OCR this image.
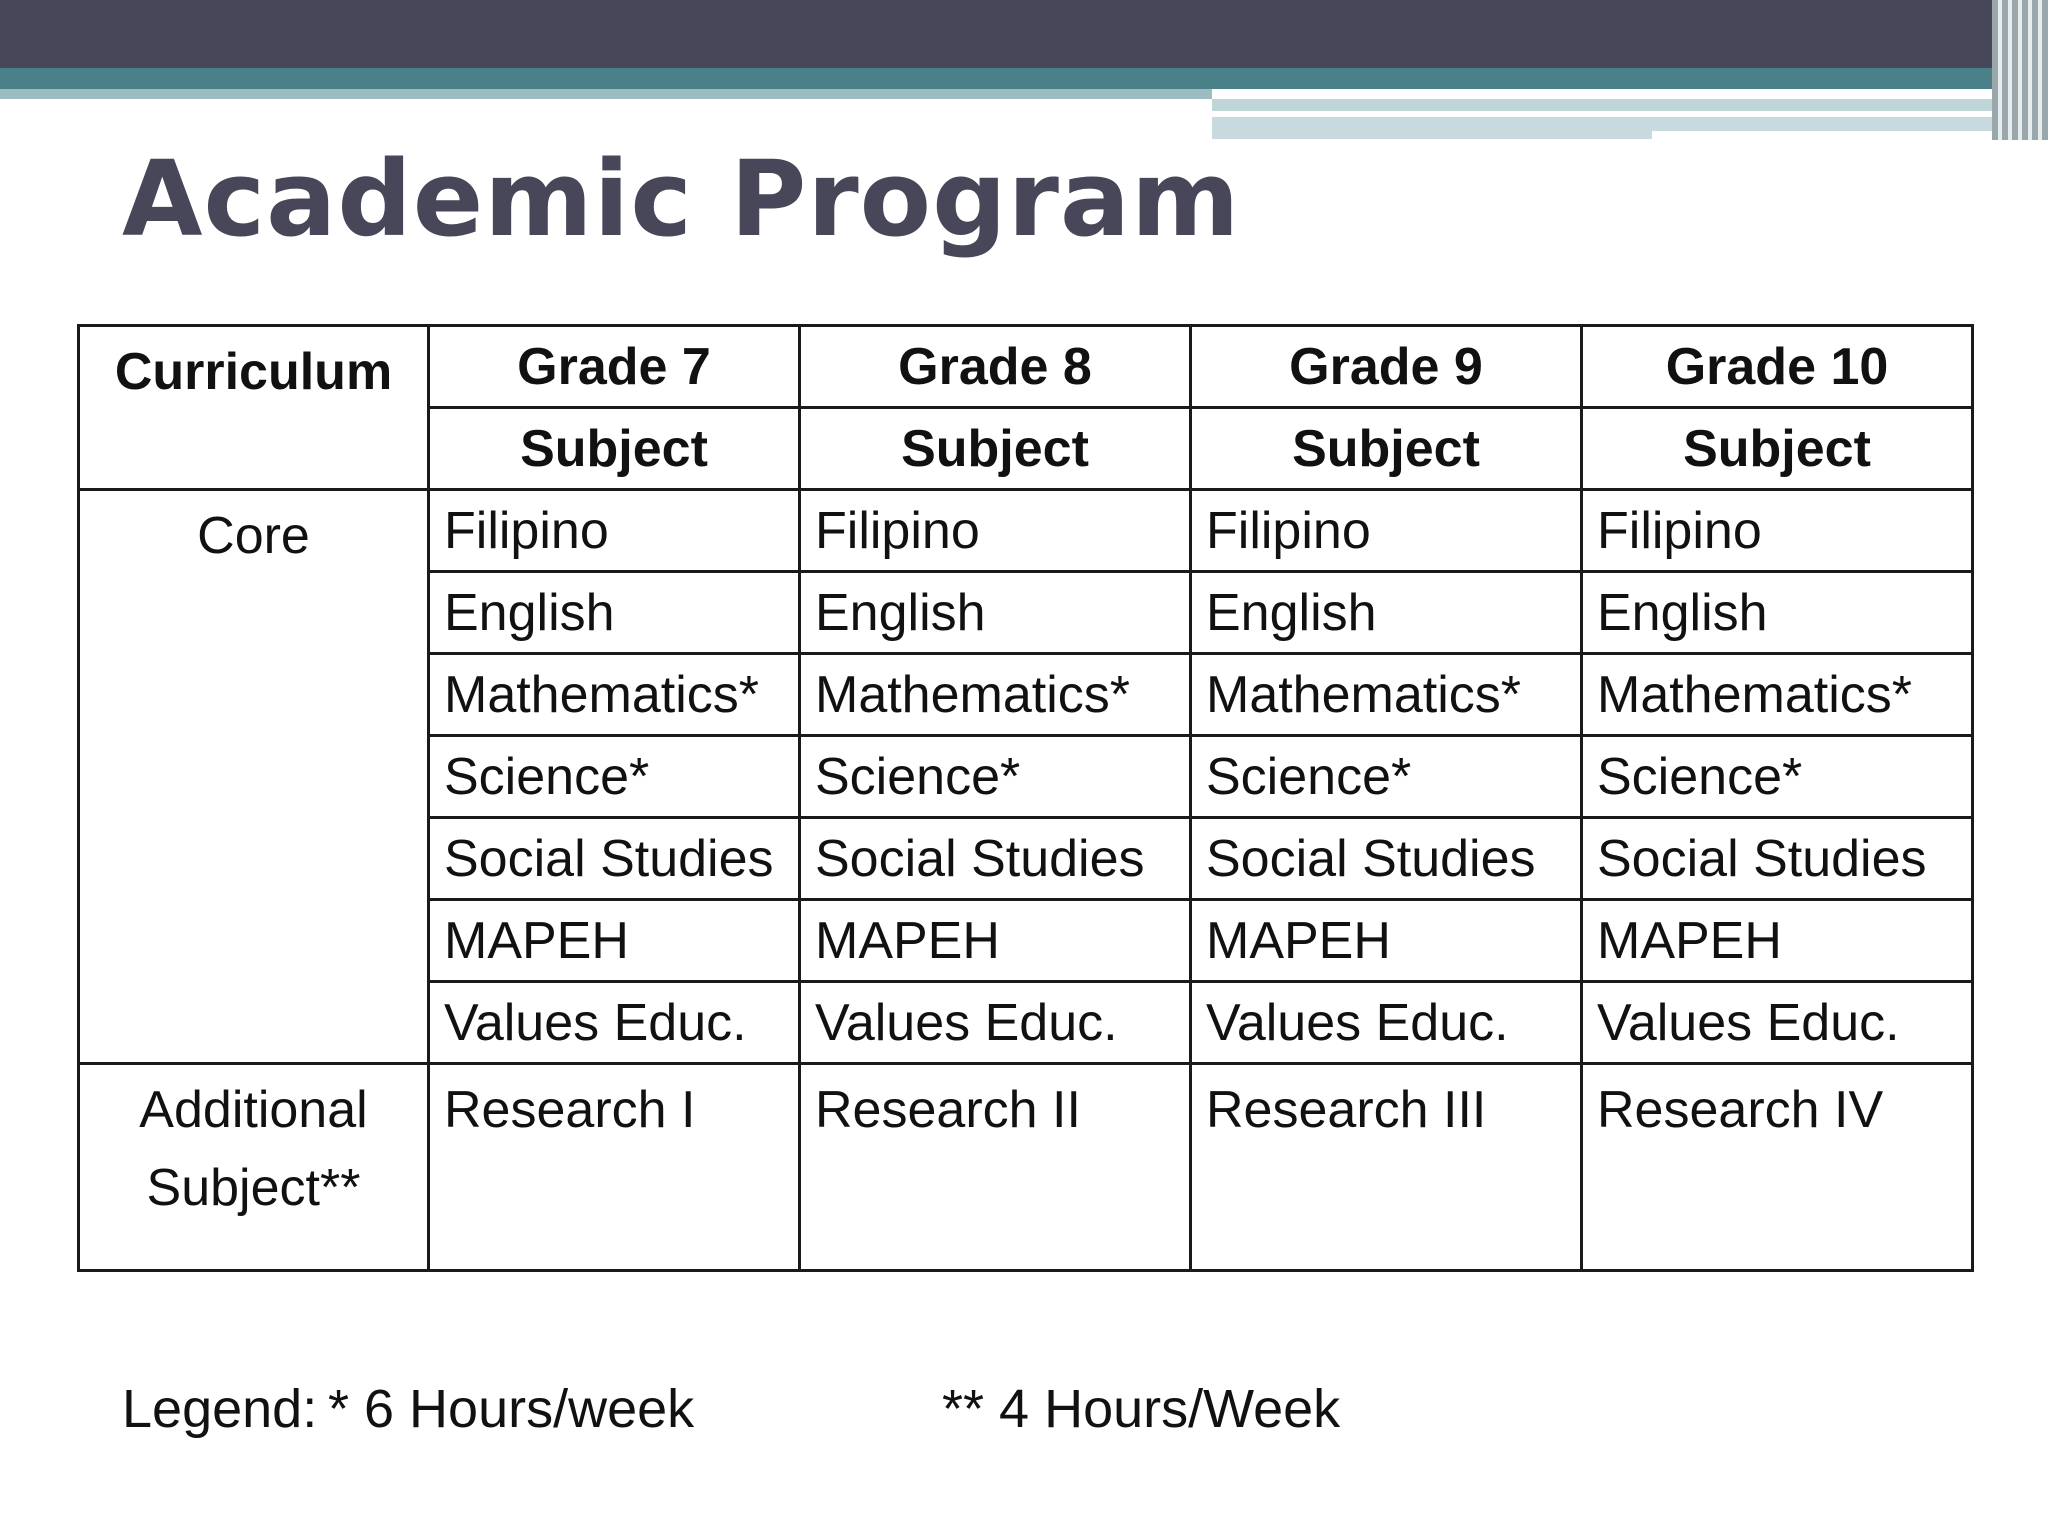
Academic Program
Curriculum	Grade 7	Grade 8	Grade 9	Grade 10
	Subject	Subject	Subject	Subject
Core	Filipino	Filipino	Filipino	Filipino
	English	English	English	English
	Mathematics*	Mathematics*	Mathematics*	Mathematics*
	Science*	Science*	Science*	Science*
	Social Studies	Social Studies	Social Studies	Social Studies
	MAPEH	MAPEH	MAPEH	MAPEH
	Values Educ.	Values Educ.	Values Educ.	Values Educ.
Additional Subject**	Research I	Research II	Research III	Research IV
Legend: * 6 Hours/week	** 4 Hours/Week
